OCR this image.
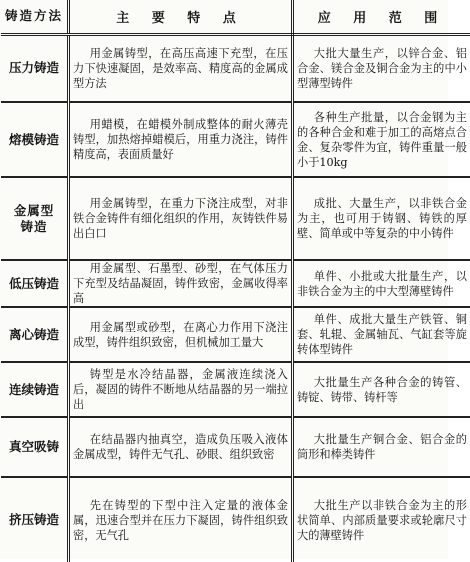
铸造方法	主 要 特 点	应 用 范 围
压力铸造	用金属铸型，在高压高速下充型，在压力下快速凝固，是效率高、精度高的金属成型方法	大批大量生产，以锌合金、铝合金、镁合金及铜合金为主的中小型薄型铸件
熔模铸造	用蜡模，在蜡模外制成整体的耐火薄壳铸型，加热熔掉蜡模后，用重力浇注，铸件精度高，表面质量好	各种生产批量，以合金钢为主的各种合金和难于加工的高熔点合金、复杂零件为宜，铸件重量一般小于10kg
金属型铸造	用金属铸型，在重力下浇注成型，对非铁合金铸件有细化组织的作用，灰铸铁件易出白口	成批、大量生产，以非铁合金为主，也可用于铸钢、铸铁的厚壁、简单或中等复杂的中小铸件
低压铸造	用金属型、石墨型、砂型，在气体压力下充型及结晶凝固，铸件致密，金属收得率高	单件、小批或大批量生产，以非铁合金为主的中大型薄壁铸件
离心铸造	用金属型或砂型，在离心力作用下浇注成型，铸件组织致密，但机械加工量大	单件、成批大量生产铁管、铜套、轧辊、金属轴瓦、气缸套等旋转体型铸件
连续铸造	铸型是水冷结晶器，金属液连续浇入后，凝固的铸件不断地从结晶器的另一端拉出	大批量生产各种合金的铸管、铸锭、铸带、铸杆等
真空吸铸	在结晶器内抽真空，造成负压吸入液体金属成型，铸件无气孔、砂眼、组织致密	大批量生产铜合金、铝合金的筒形和棒类铸件
挤压铸造	先在铸型的下型中注入定量的液体金属，迅速合型并在压力下凝固，铸件组织致密，无气孔	大批生产以非铁合金为主的形状简单、内部质量要求或轮廓尺寸大的薄壁铸件
